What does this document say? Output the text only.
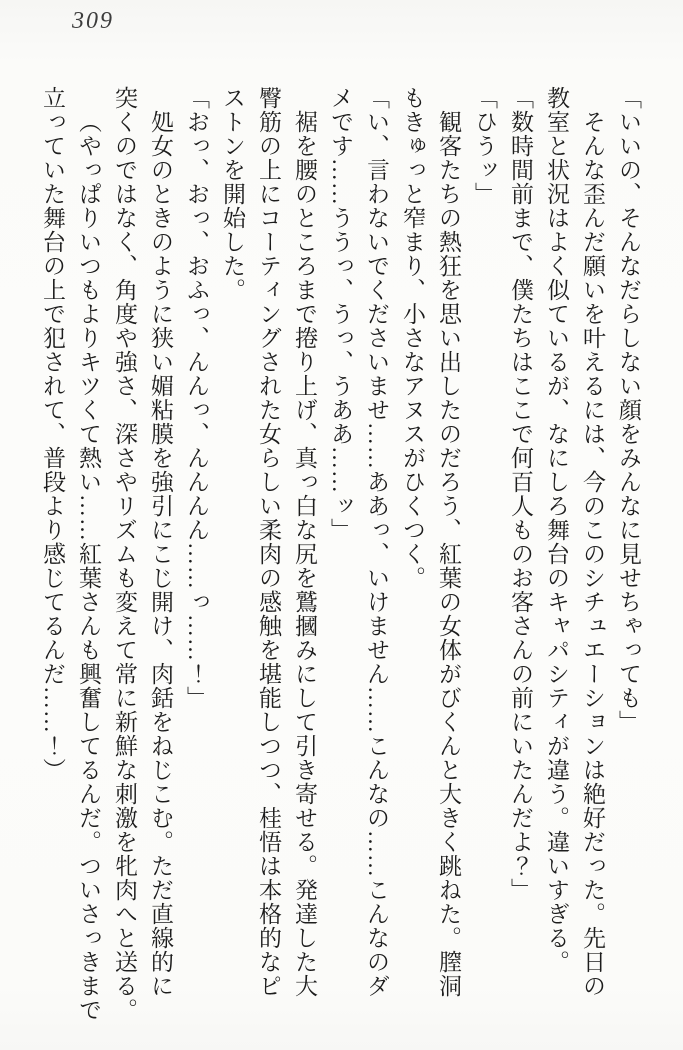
309

「いいの、そんなだらしない顔をみんなに見せちゃっても」

そんな歪んだ願いを叶えるには、今のこのシチュエーションは絶好だった。先日の

教室と状況はよく似ているが、なにしろ舞台のキャパシティが違う。違いすぎる。

「数時間前まで、僕たちはここで何百人ものお客さんの前にいたんだよ？」

「ひうッ」

観客たちの熱狂を思い出したのだろう、紅葉の女体がびくんと大きく跳ねた。膣洞

もきゅっと窄まり、小さなアヌスがひくつく。

「い、言わないでくださいませ……ああっ、いけません……こんなの……こんなのダ

メです……ううっ、うっ、うああ……ッ」

裾を腰のところまで捲り上げ、真っ白な尻を鷲摑みにして引き寄せる。発達した大

臀筋の上にコーティングされた女らしい柔肉の感触を堪能しつつ、桂悟は本格的なピ

ストンを開始した。

「おっ、おっ、おふっ、んんっ、んんんん……っ……！」

処女のときのように狭い媚粘膜を強引にこじ開け、肉銛をねじこむ。ただ直線的に

突くのではなく、角度や強さ、深さやリズムも変えて常に新鮮な刺激を牝肉へと送る。

（やっぱりいつもよりキツくて熱い……紅葉さんも興奮してるんだ。ついさっきまで

立っていた舞台の上で犯されて、普段より感じてるんだ……！）
